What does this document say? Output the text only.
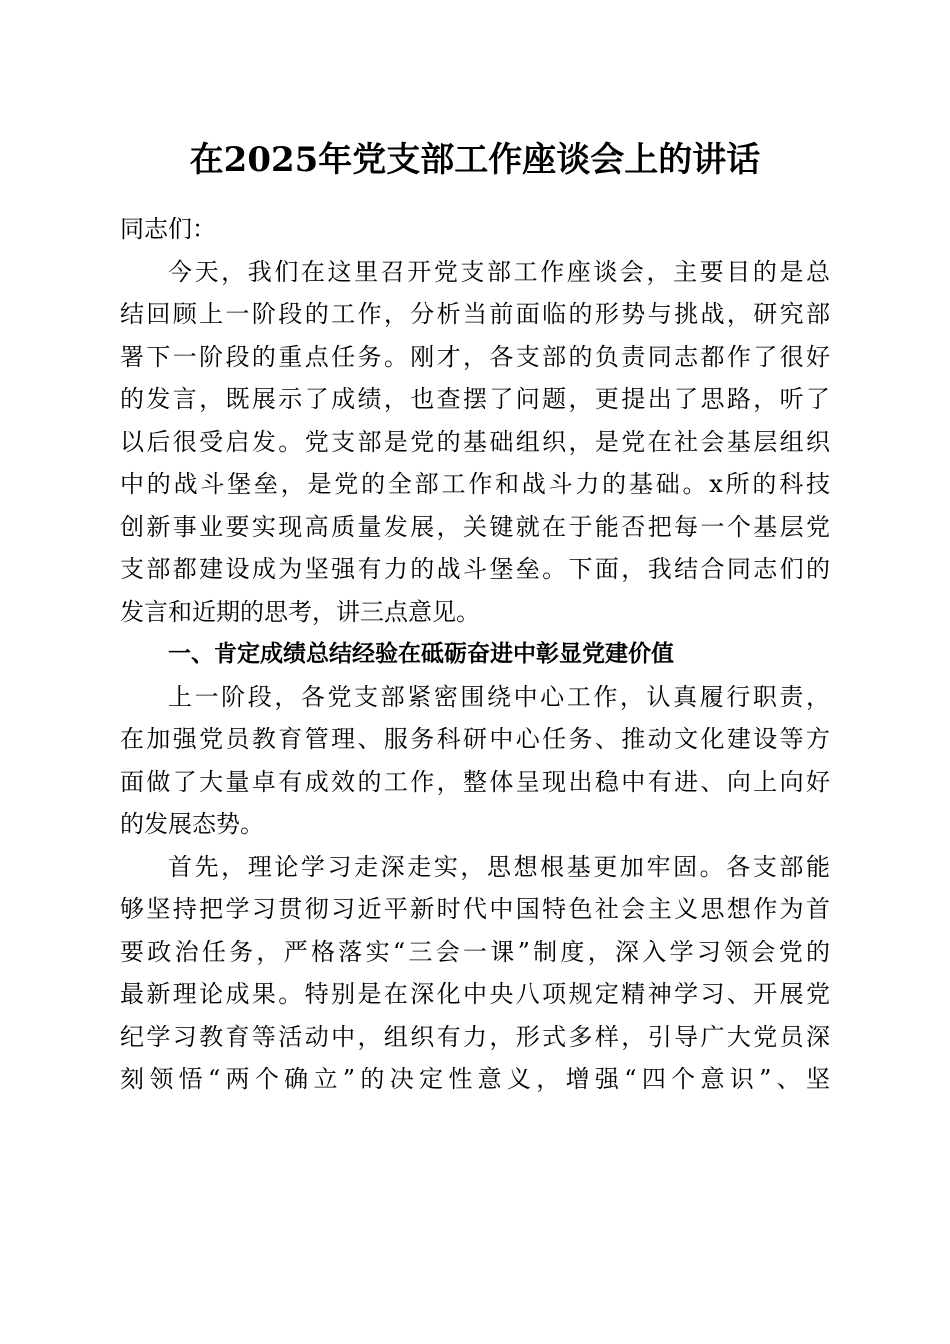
在2025年党支部工作座谈会上的讲话
同志们：
今天，我们在这里召开党支部工作座谈会，主要目的是总
结回顾上一阶段的工作，分析当前面临的形势与挑战，研究部
署下一阶段的重点任务。刚才，各支部的负责同志都作了很好
的发言，既展示了成绩，也查摆了问题，更提出了思路，听了
以后很受启发。党支部是党的基础组织，是党在社会基层组织
中的战斗堡垒，是党的全部工作和战斗力的基础。x所的科技
创新事业要实现高质量发展，关键就在于能否把每一个基层党
支部都建设成为坚强有力的战斗堡垒。下面，我结合同志们的
发言和近期的思考，讲三点意见。
一、肯定成绩总结经验在砥砺奋进中彰显党建价值
上一阶段，各党支部紧密围绕中心工作，认真履行职责，
在加强党员教育管理、服务科研中心任务、推动文化建设等方
面做了大量卓有成效的工作，整体呈现出稳中有进、向上向好
的发展态势。
首先，理论学习走深走实，思想根基更加牢固。各支部能
够坚持把学习贯彻习近平新时代中国特色社会主义思想作为首
要政治任务，严格落实“三会一课”制度，深入学习领会党的
最新理论成果。特别是在深化中央八项规定精神学习、开展党
纪学习教育等活动中，组织有力，形式多样，引导广大党员深
刻领悟“两个确立”的决定性意义，增强“四个意识”、坚
